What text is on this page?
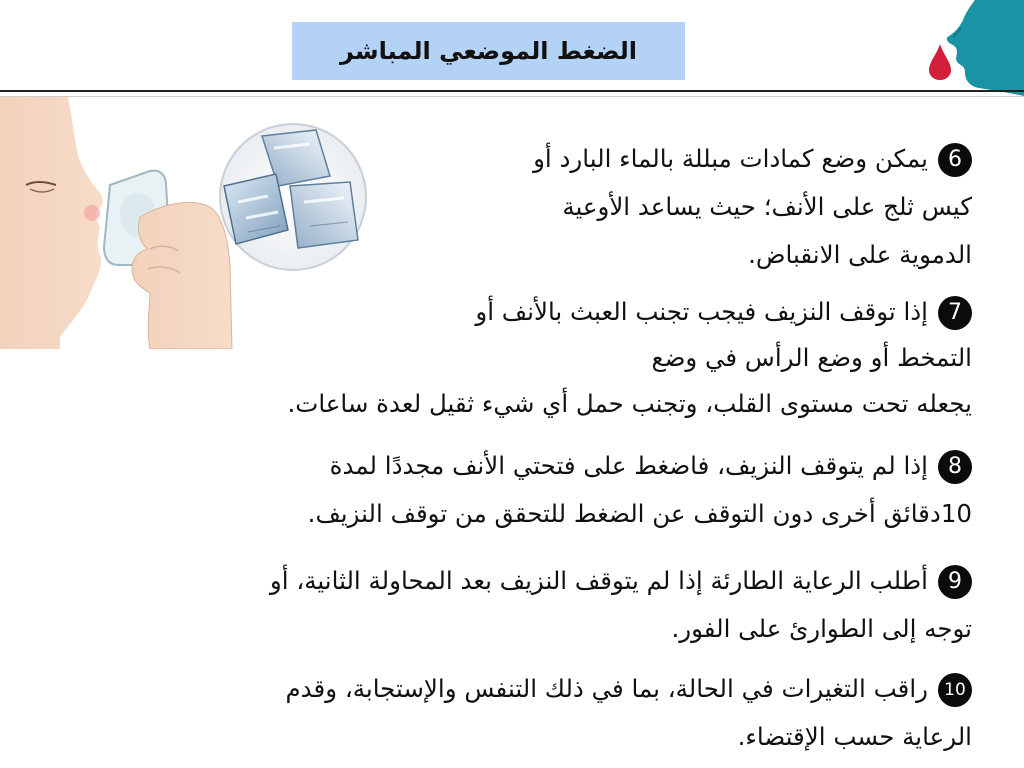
الضغط الموضعي المباشر
6يمكن وضع كمادات مبللة بالماء البارد أو
كيس ثلج على الأنف؛ حيث يساعد الأوعية
الدموية على الانقباض.
7إذا توقف النزيف فيجب تجنب العبث بالأنف أو
التمخط أو وضع الرأس في وضع
يجعله تحت مستوى القلب، وتجنب حمل أي شيء ثقيل لعدة ساعات.
8إذا لم يتوقف النزيف، فاضغط على فتحتي الأنف مجددًا لمدة
10دقائق أخرى دون التوقف عن الضغط للتحقق من توقف النزيف.
9أطلب الرعاية الطارئة إذا لم يتوقف النزيف بعد المحاولة الثانية، أو
توجه إلى الطوارئ على الفور.
10راقب التغيرات في الحالة، بما في ذلك التنفس والإستجابة، وقدم
الرعاية حسب الإقتضاء.
